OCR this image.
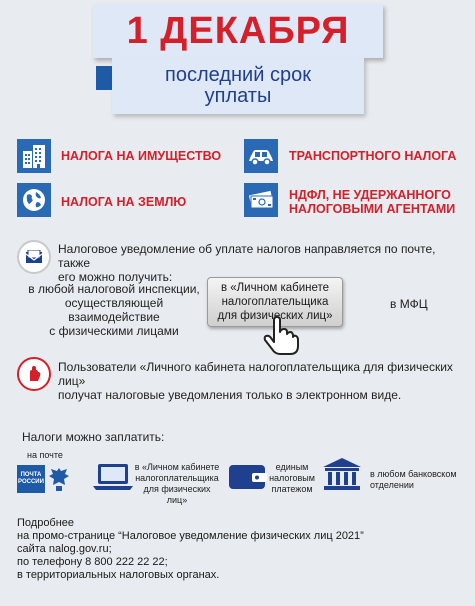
1 ДЕКАБРЯ
последний срок
уплаты
НАЛОГА НА ИМУЩЕСТВО	ТРАНСПОРТНОГО НАЛОГА
НАЛОГА НА ЗЕМЛЮ	НДФЛ, НЕ УДЕРЖАННОГО
НАЛОГОВЫМИ АГЕНТАМИ
Налоговое уведомление об уплате налогов направляется по почте, также
его можно получить:
в любой налоговой инспекции,
осуществляющей взаимодействие
с физическими лицами
в «Личном кабинете
налогоплательщика
для физических лиц»
в МФЦ
Пользователи «Личного кабинета налогоплательщика для физических лиц»
получат налоговые уведомления только в электронном виде.
Налоги можно заплатить:
на почте
ПОЧТА
РОССИИ
в «Личном кабинете
налогоплательщика
для физических лиц»
единым
налоговым
платежом
в любом банковском
отделении
Подробнее
на промо-странице “Налоговое уведомление физических лиц 2021”
сайта nalog.gov.ru;
по телефону 8 800 222 22 22;
в территориальных налоговых органах.
